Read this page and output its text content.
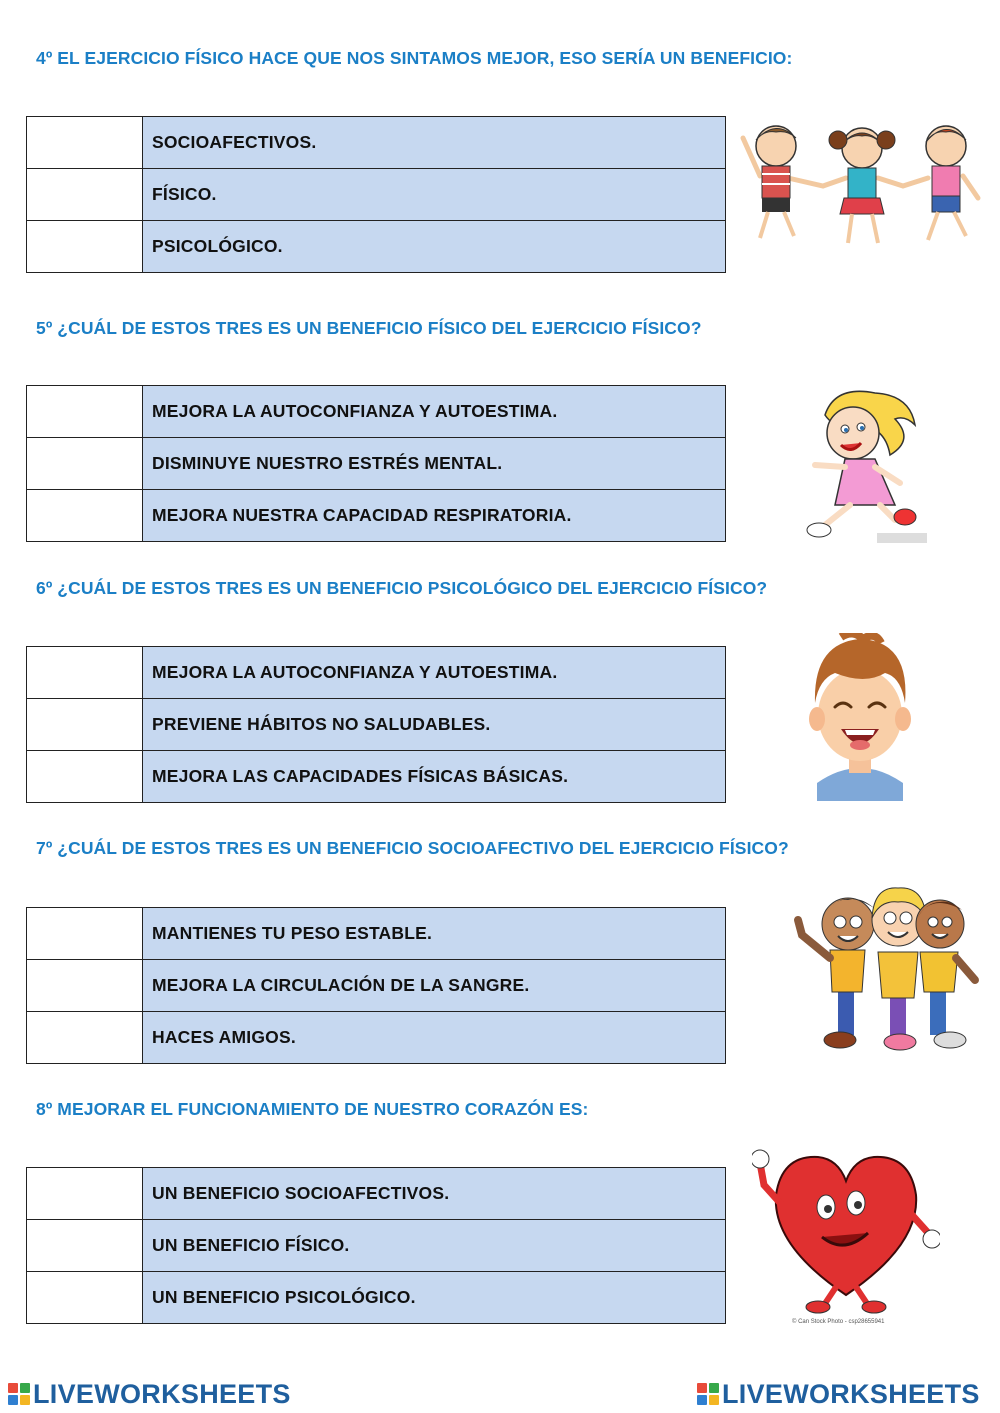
4º EL EJERCICIO FÍSICO HACE QUE NOS SINTAMOS MEJOR, ESO SERÍA UN BENEFICIO:
	SOCIOAFECTIVOS.
	FÍSICO.
	PSICOLÓGICO.
5º ¿CUÁL DE ESTOS TRES ES UN BENEFICIO FÍSICO DEL EJERCICIO FÍSICO?
	MEJORA LA AUTOCONFIANZA Y AUTOESTIMA.
	DISMINUYE NUESTRO ESTRÉS MENTAL.
	MEJORA NUESTRA CAPACIDAD RESPIRATORIA.
6º ¿CUÁL DE ESTOS TRES ES UN BENEFICIO PSICOLÓGICO DEL EJERCICIO FÍSICO?
	MEJORA LA AUTOCONFIANZA Y AUTOESTIMA.
	PREVIENE HÁBITOS NO SALUDABLES.
	MEJORA LAS CAPACIDADES FÍSICAS BÁSICAS.
7º ¿CUÁL DE ESTOS TRES ES UN BENEFICIO SOCIOAFECTIVO DEL EJERCICIO FÍSICO?
	MANTIENES TU PESO ESTABLE.
	MEJORA LA CIRCULACIÓN DE LA SANGRE.
	HACES AMIGOS.
8º MEJORAR EL FUNCIONAMIENTO DE NUESTRO CORAZÓN ES:
	UN BENEFICIO SOCIOAFECTIVOS.
	UN BENEFICIO FÍSICO.
	UN BENEFICIO PSICOLÓGICO.
© Can Stock Photo - csp28655941
LIVEWORKSHEETS	LIVEWORKSHEETS
